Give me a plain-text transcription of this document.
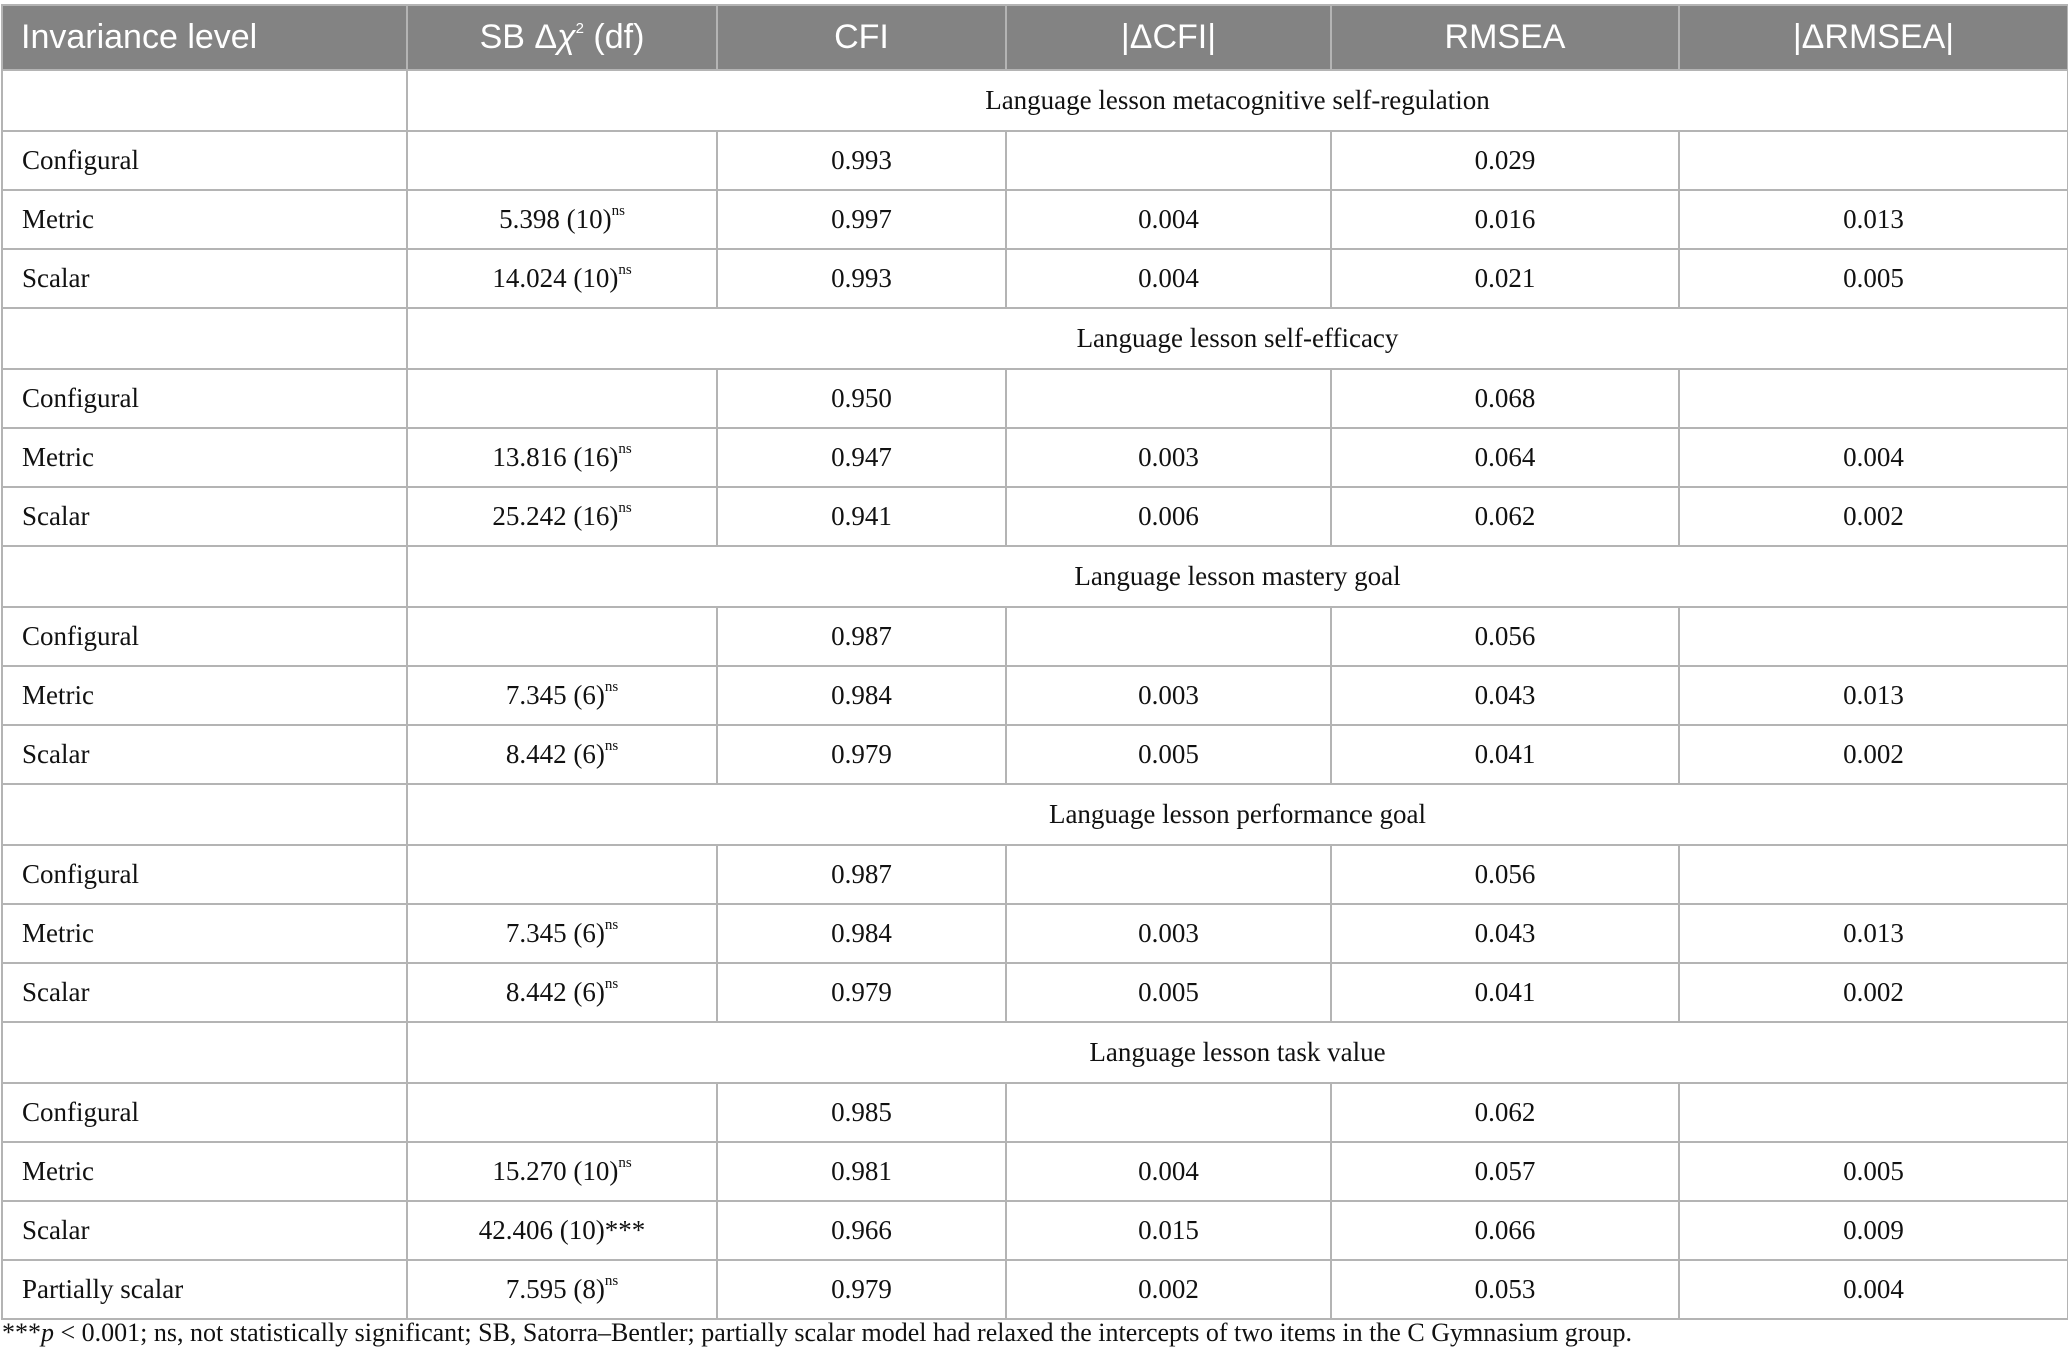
Invariance level	SB $\Delta\chi^2$ (df)	CFI	|ΔCFI|	RMSEA	|ΔRMSEA|
	Language lesson metacognitive self-regulation				
Configural		0.993		0.029	
Metric	5.398 $(10)^{ns}$	0.997	0.004	0.016	0.013
Scalar	14.024 $(10)^{ns}$	0.993	0.004	0.021	0.005
	Language lesson self-efficacy				
Configural		0.950		0.068	
Metric	13.816 $(16)^{ns}$	0.947	0.003	0.064	0.004
Scalar	25.242 $(16)^{ns}$	0.941	0.006	0.062	0.002
	Language lesson mastery goal				
Configural		0.987		0.056	
Metric	7.345 $(6)^{ns}$	0.984	0.003	0.043	0.013
Scalar	8.442 $(6)^{ns}$	0.979	0.005	0.041	0.002
	Language lesson performance goal				
Configural		0.987		0.056	
Metric	7.345 $(6)^{ns}$	0.984	0.003	0.043	0.013
Scalar	8.442 $(6)^{ns}$	0.979	0.005	0.041	0.002
	Language lesson task value				
Configural		0.985		0.062	
Metric	15.270 $(10)^{ns}$	0.981	0.004	0.057	0.005
Scalar	42.406 (10)***	0.966	0.015	0.066	0.009
Partially scalar	7.595 $(8)^{ns}$	0.979	0.002	0.053	0.004
***p < 0.001; ns, not statistically significant; SB, Satorra–Bentler; partially scalar model had relaxed the intercepts of two items in the C Gymnasium group.
